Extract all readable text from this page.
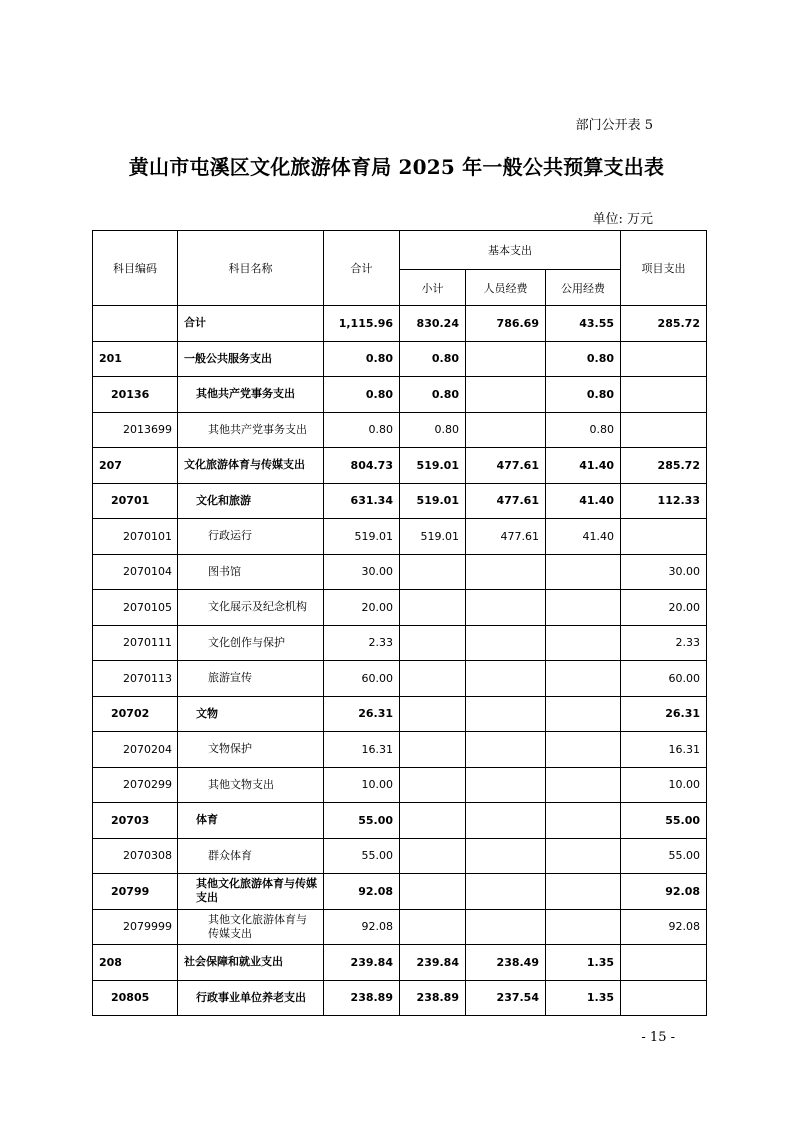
部门公开表 5
黄山市屯溪区文化旅游体育局 2025 年一般公共预算支出表
单位: 万元
科目编码	科目名称	合计	基本支出			项目支出
			小计	人员经费	公用经费	
	合计	1,115.96	830.24	786.69	43.55	285.72
201	一般公共服务支出	0.80	0.80		0.80	
20136	其他共产党事务支出	0.80	0.80		0.80	
2013699	其他共产党事务支出	0.80	0.80		0.80	
207	文化旅游体育与传媒支出	804.73	519.01	477.61	41.40	285.72
20701	文化和旅游	631.34	519.01	477.61	41.40	112.33
2070101	行政运行	519.01	519.01	477.61	41.40	
2070104	图书馆	30.00				30.00
2070105	文化展示及纪念机构	20.00				20.00
2070111	文化创作与保护	2.33				2.33
2070113	旅游宣传	60.00				60.00
20702	文物	26.31				26.31
2070204	文物保护	16.31				16.31
2070299	其他文物支出	10.00				10.00
20703	体育	55.00				55.00
2070308	群众体育	55.00				55.00
20799	其他文化旅游体育与传媒支出	92.08				92.08
2079999	其他文化旅游体育与传媒支出	92.08				92.08
208	社会保障和就业支出	239.84	239.84	238.49	1.35	
20805	行政事业单位养老支出	238.89	238.89	237.54	1.35	
- 15 -
